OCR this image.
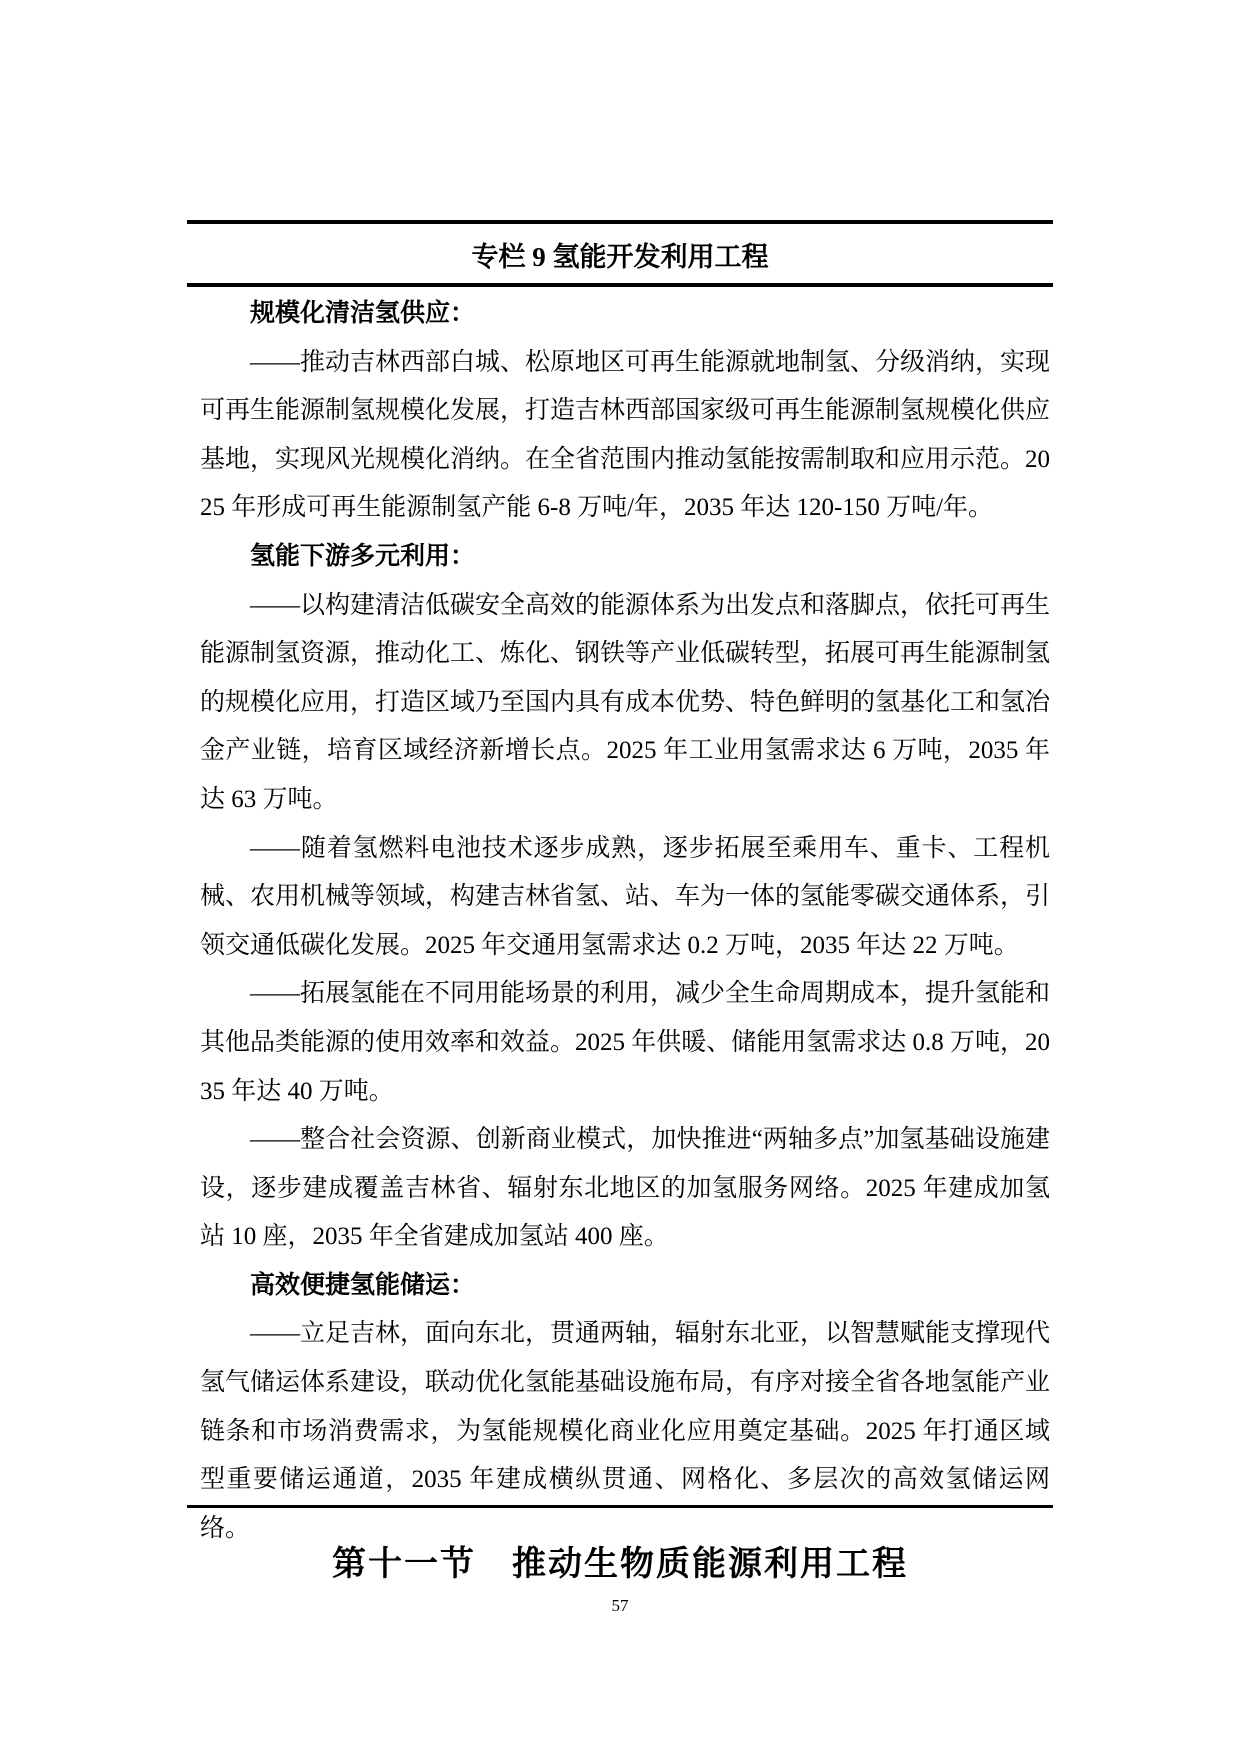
专栏 9 氢能开发利用工程

规模化清洁氢供应：

——推动吉林西部白城、松原地区可再生能源就地制氢、分级消纳，实现可再生能源制氢规模化发展，打造吉林西部国家级可再生能源制氢规模化供应基地，实现风光规模化消纳。在全省范围内推动氢能按需制取和应用示范。2025 年形成可再生能源制氢产能 6-8 万吨/年，2035 年达 120-150 万吨/年。

氢能下游多元利用：

——以构建清洁低碳安全高效的能源体系为出发点和落脚点，依托可再生能源制氢资源，推动化工、炼化、钢铁等产业低碳转型，拓展可再生能源制氢的规模化应用，打造区域乃至国内具有成本优势、特色鲜明的氢基化工和氢冶金产业链，培育区域经济新增长点。2025 年工业用氢需求达 6 万吨，2035 年达 63 万吨。

——随着氢燃料电池技术逐步成熟，逐步拓展至乘用车、重卡、工程机械、农用机械等领域，构建吉林省氢、站、车为一体的氢能零碳交通体系，引领交通低碳化发展。2025 年交通用氢需求达 0.2 万吨，2035 年达 22 万吨。

——拓展氢能在不同用能场景的利用，减少全生命周期成本，提升氢能和其他品类能源的使用效率和效益。2025 年供暖、储能用氢需求达 0.8 万吨，2035 年达 40 万吨。

——整合社会资源、创新商业模式，加快推进“两轴多点”加氢基础设施建设，逐步建成覆盖吉林省、辐射东北地区的加氢服务网络。2025 年建成加氢站 10 座，2035 年全省建成加氢站 400 座。

高效便捷氢能储运：

——立足吉林，面向东北，贯通两轴，辐射东北亚，以智慧赋能支撑现代氢气储运体系建设，联动优化氢能基础设施布局，有序对接全省各地氢能产业链条和市场消费需求，为氢能规模化商业化应用奠定基础。2025 年打通区域型重要储运通道，2035 年建成横纵贯通、网格化、多层次的高效氢储运网络。

第十一节　推动生物质能源利用工程
57
